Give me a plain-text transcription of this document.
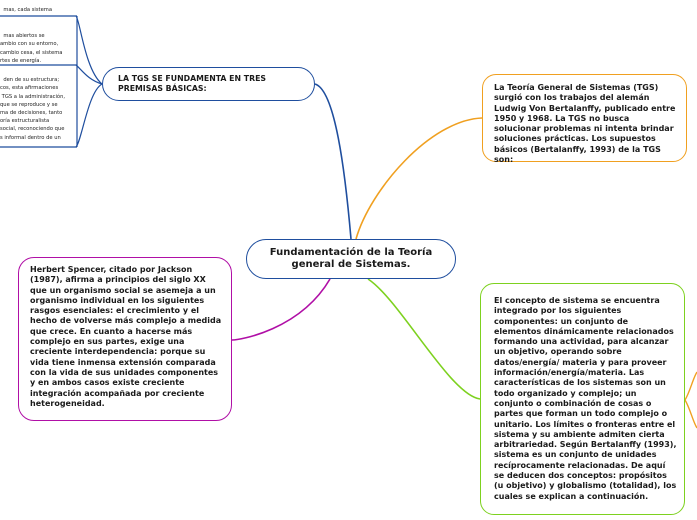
mas, cada sistema

mas abiertos se
ambio con su entorno,
cambio cesa, el sistema
rtes de energía.

den de su estructura;
cos, esta afirmaciones
TGS a la administración,
que se reproduce y se
ma de decisiones, tanto
oría estructuralista
social, reconociendo que
s informal dentro de un

LA TGS SE FUNDAMENTA EN TRES PREMISAS BÁSICAS:	La Teoría General de Sistemas (TGS) surgió con los trabajos del alemán Ludwig Von Bertalanffy, publicado entre 1950 y 1968. La TGS no busca solucionar problemas ni intenta brindar soluciones prácticas. Los supuestos básicos (Bertalanffy, 1993) de la TGS son:
Fundamentación de la Teoría general de Sistemas.
Herbert Spencer, citado por Jackson (1987), afirma a principios del siglo XX que un organismo social se asemeja a un organismo individual en los siguientes rasgos esenciales: el crecimiento y el hecho de volverse más complejo a medida que crece. En cuanto a hacerse más complejo en sus partes, exige una creciente interdependencia: porque su vida tiene inmensa extensión comparada con la vida de sus unidades componentes y en ambos casos existe creciente integración acompañada por creciente heterogeneidad.
El concepto de sistema se encuentra integrado por los siguientes componentes: un conjunto de elementos dinámicamente relacionados formando una actividad, para alcanzar un objetivo, operando sobre datos/energía/ materia y para proveer información/energía/materia. Las características de los sistemas son un todo organizado y complejo; un conjunto o combinación de cosas o partes que forman un todo complejo o unitario. Los límites o fronteras entre el sistema y su ambiente admiten cierta arbitrariedad. Según Bertalanffy (1993), sistema es un conjunto de unidades recíprocamente relacionadas. De aquí se deducen dos conceptos: propósitos (u objetivo) y globalismo (totalidad), los cuales se explican a continuación.
